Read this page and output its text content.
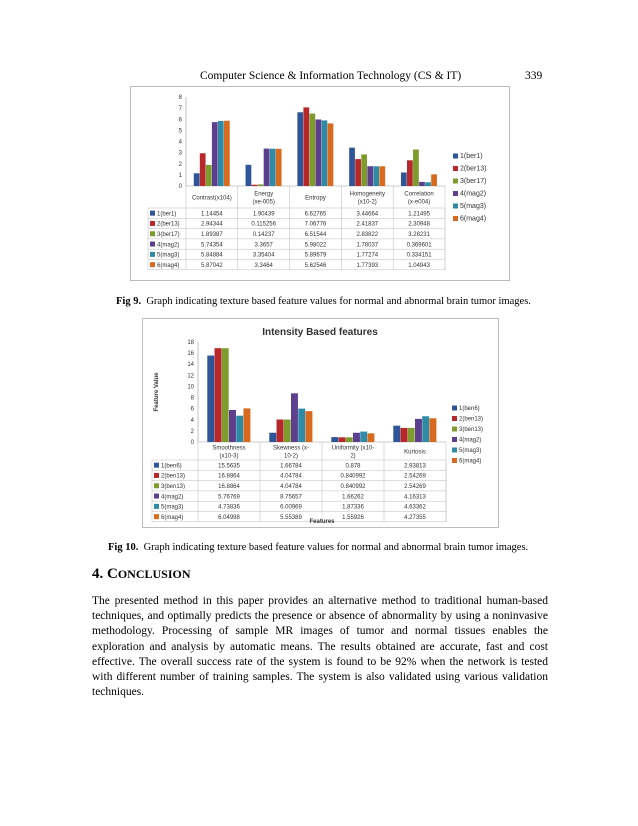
Computer Science & Information Technology (CS & IT)	339
0
1
2
3
4
5
6
7
8
Contrast(x104)
Energy
(xe-005)
Entropy
Homogeneity
(x10-2)
Correlation
(x-e004)
1(ber1)	1.14454	1.90439	6.62765	3.44664	1.21495
2(ber13)	2.94344	0.115256	7.06776	2.41837	2.30948
3(ber17)	1.89387	0.14237	6.51544	2.83822	3.28231
4(mag2)	5.74354	3.3657	5.98022	1.78037	0.369601
5(mag3)	5.84884	3.35404	5.89679	1.77274	0.334151
6(mag4)	5.87042	3.3464	5.62546	1.77393	1.04943
1(ber1)
2(ber13)
3(ber17)
4(mag2)
5(mag3)
6(mag4)
Fig 9. Graph indicating texture based feature values for normal and abnormal brain tumor images.
Intensity Based features
Feature Value
0
2
4
6
8
10
12
14
16
18
Smoothness
(x10-3)
Skewness (x-
10-2)
Uniformity (x10-
2)
Kurtosis
1(ben6)	15.5635	1.66784	0.878	2.93813
2(ben13)	16.8864	4.04784	0.840992	2.54269
3(ben13)	16.8864	4.04784	0.840992	2.54269
4(mag2)	5.76769	8.75657	1.66262	4.16313
5(mag3)	4.73836	6.00969	1.87336	4.63362
6(mag4)	6.04998	5.55389	1.55926	4.27355
1(ben6)
2(ben13)
3(ben13)
4(mag2)
5(mag3)
6(mag4)
Features
Fig 10. Graph indicating texture based feature values for normal and abnormal brain tumor images.
4. CONCLUSION
The presented method in this paper provides an alternative method to traditional human-based techniques, and optimally predicts the presence or absence of abnormality by using a noninvasive methodology. Processing of sample MR images of tumor and normal tissues enables the exploration and analysis by automatic means. The results obtained are accurate, fast and cost effective. The overall success rate of the system is found to be 92% when the network is tested with different number of training samples. The system is also validated using various validation techniques.
